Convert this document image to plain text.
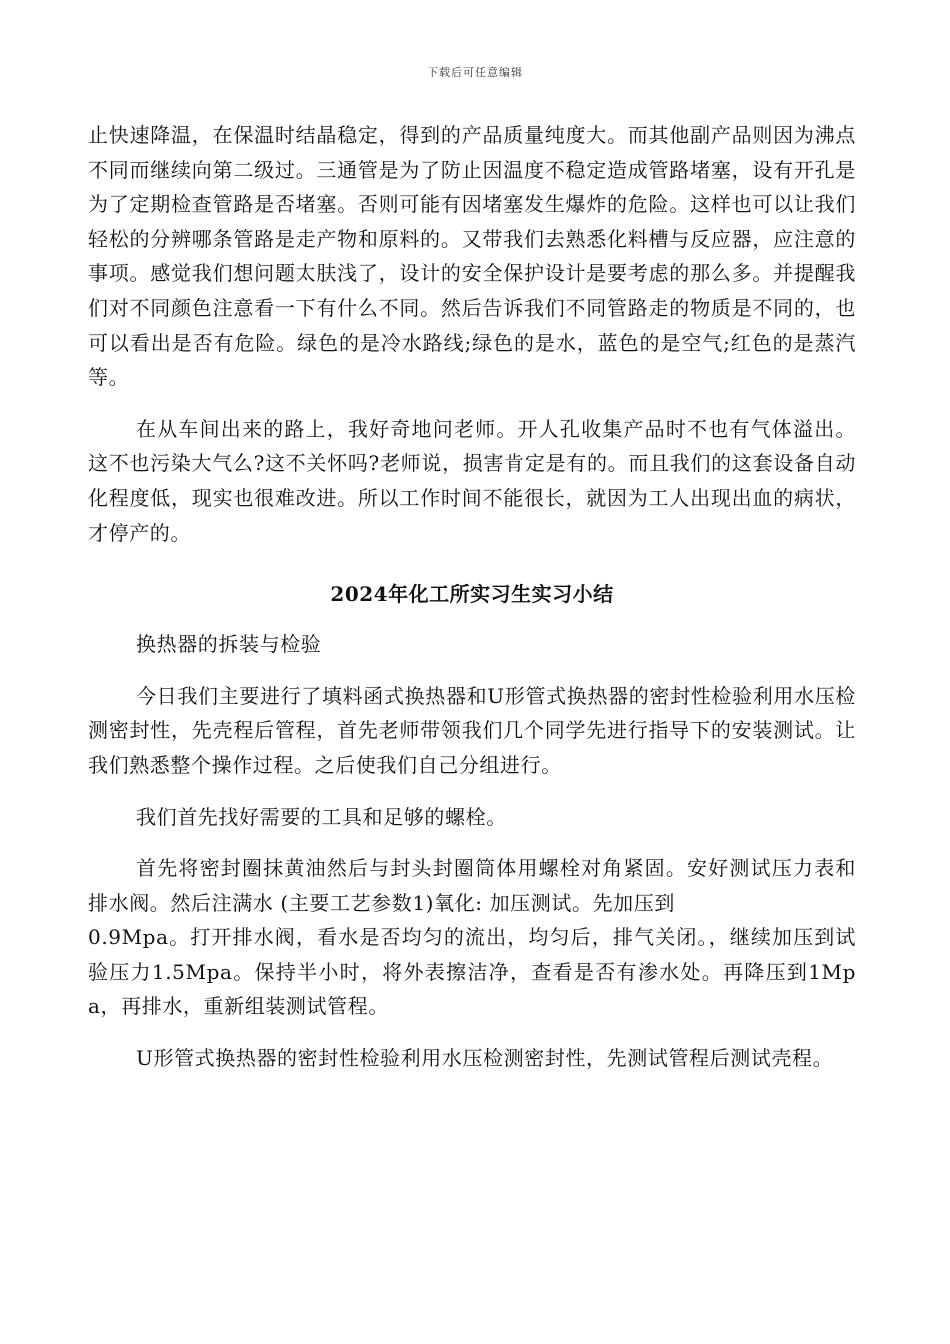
下载后可任意编辑

止快速降温，在保温时结晶稳定，得到的产品质量纯度大。而其他副产品则因为沸点不同而继续向第二级过。三通管是为了防止因温度不稳定造成管路堵塞，设有开孔是为了定期检查管路是否堵塞。否则可能有因堵塞发生爆炸的危险。这样也可以让我们轻松的分辨哪条管路是走产物和原料的。又带我们去熟悉化料槽与反应器，应注意的事项。感觉我们想问题太肤浅了，设计的安全保护设计是要考虑的那么多。并提醒我们对不同颜色注意看一下有什么不同。然后告诉我们不同管路走的物质是不同的，也可以看出是否有危险。绿色的是冷水路线;绿色的是水，蓝色的是空气;红色的是蒸汽等。

在从车间出来的路上，我好奇地问老师。开人孔收集产品时不也有气体溢出。这不也污染大气么?这不关怀吗?老师说，损害肯定是有的。而且我们的这套设备自动化程度低，现实也很难改进。所以工作时间不能很长，就因为工人出现出血的病状，才停产的。

2024年化工所实习生实习小结

换热器的拆装与检验

今日我们主要进行了填料函式换热器和U形管式换热器的密封性检验利用水压检测密封性，先壳程后管程，首先老师带领我们几个同学先进行指导下的安装测试。让我们熟悉整个操作过程。之后使我们自己分组进行。

我们首先找好需要的工具和足够的螺栓。

首先将密封圈抹黄油然后与封头封圈筒体用螺栓对角紧固。安好测试压力表和排水阀。然后注满水 (主要工艺参数1)氧化: 加压测试。先加压到

0.9Mpa。打开排水阀，看水是否均匀的流出，均匀后，排气关闭。，继续加压到试验压力1.5Mpa。保持半小时，将外表擦洁净，查看是否有渗水处。再降压到1Mpa，再排水，重新组装测试管程。

U形管式换热器的密封性检验利用水压检测密封性，先测试管程后测试壳程。
